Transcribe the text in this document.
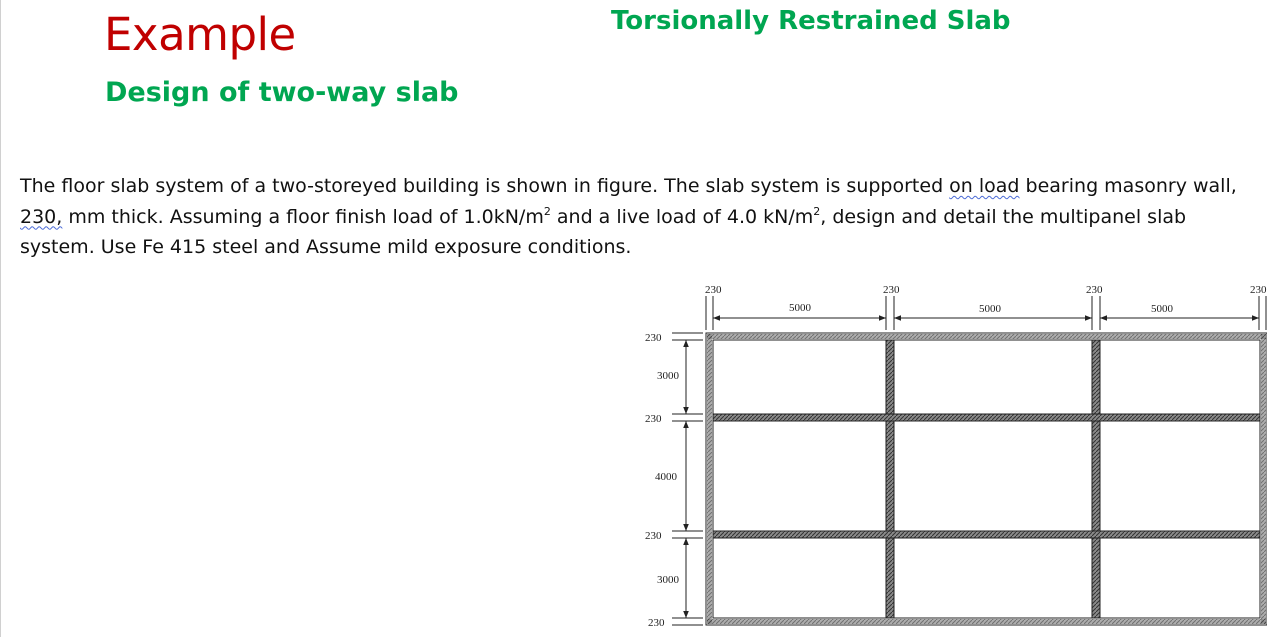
Example
Design of two-way slab
Torsionally Restrained Slab

The floor slab system of a two-storeyed building is shown in figure. The slab system is supported on load bearing masonry wall, 230, mm thick. Assuming a floor finish load of $1.0kN/m^2$ and a live load of 4.0 $kN/m^2$, design and detail the multipanel slab system. Use Fe 415 steel and Assume mild exposure conditions.

230	230	230	230
5000	5000	5000
230
230
230
230
3000
4000
3000
